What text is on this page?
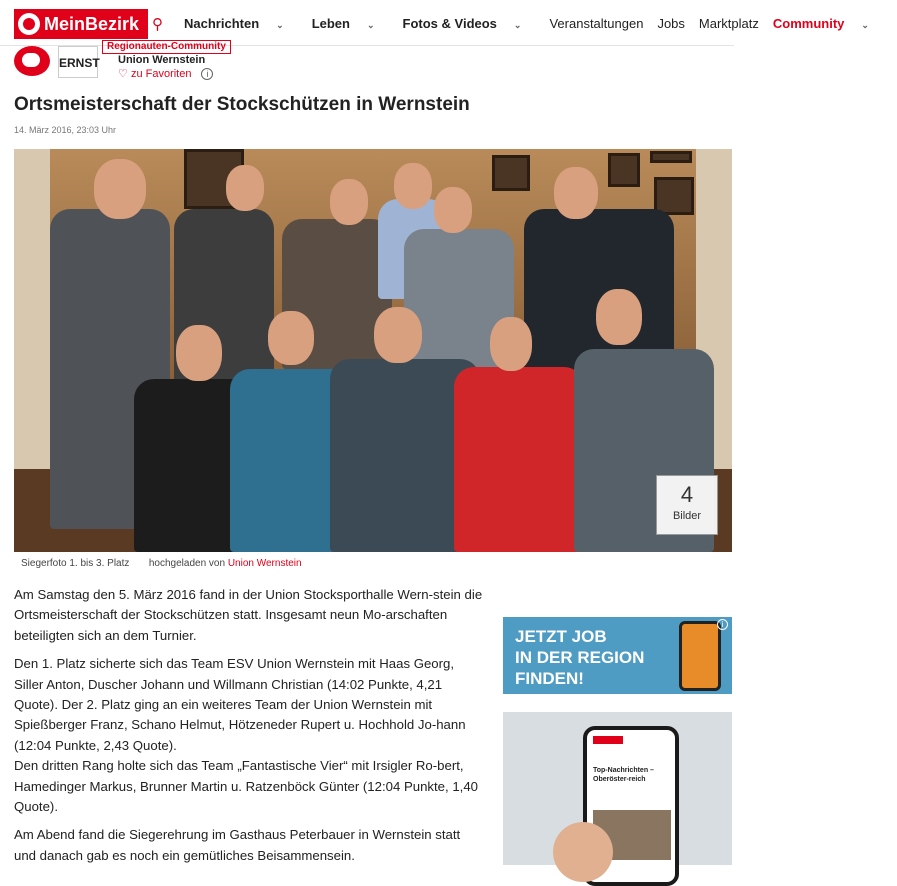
MeinBezirk ⚲ Nachrichten ⌄	Leben ⌄	Fotos & Videos ⌄	Veranstaltungen Jobs Marktplatz Community ⌄
ERNST
Regionauten-Community
Union Wernstein
♡ zu Favoriten i
Ortsmeisterschaft der Stockschützen in Wernstein
14. März 2016, 23:03 Uhr
4
Bilder
Siegerfoto 1. bis 3. Platz hochgeladen von Union Wernstein

Am Samstag den 5. März 2016 fand in der Union Stocksporthalle Wern-stein die Ortsmeisterschaft der Stockschützen statt. Insgesamt neun Mo-arschaften beteiligten sich an dem Turnier.

Den 1. Platz sicherte sich das Team ESV Union Wernstein mit Haas Georg, Siller Anton, Duscher Johann und Willmann Christian (14:02 Punkte, 4,21 Quote). Der 2. Platz ging an ein weiteres Team der Union Wernstein mit Spießberger Franz, Schano Helmut, Hötzeneder Rupert u. Hochhold Jo-hann (12:04 Punkte, 2,43 Quote).
Den dritten Rang holte sich das Team „Fantastische Vier“ mit Irsigler Ro-bert, Hamedinger Markus, Brunner Martin u. Ratzenböck Günter (12:04 Punkte, 1,40 Quote).

Am Abend fand die Siegerehrung im Gasthaus Peterbauer in Wernstein statt und danach gab es noch ein gemütliches Beisammensein.

JETZT JOB
IN DER REGION
FINDEN!
i
Top-Nachrichten – Oberöster-reich
